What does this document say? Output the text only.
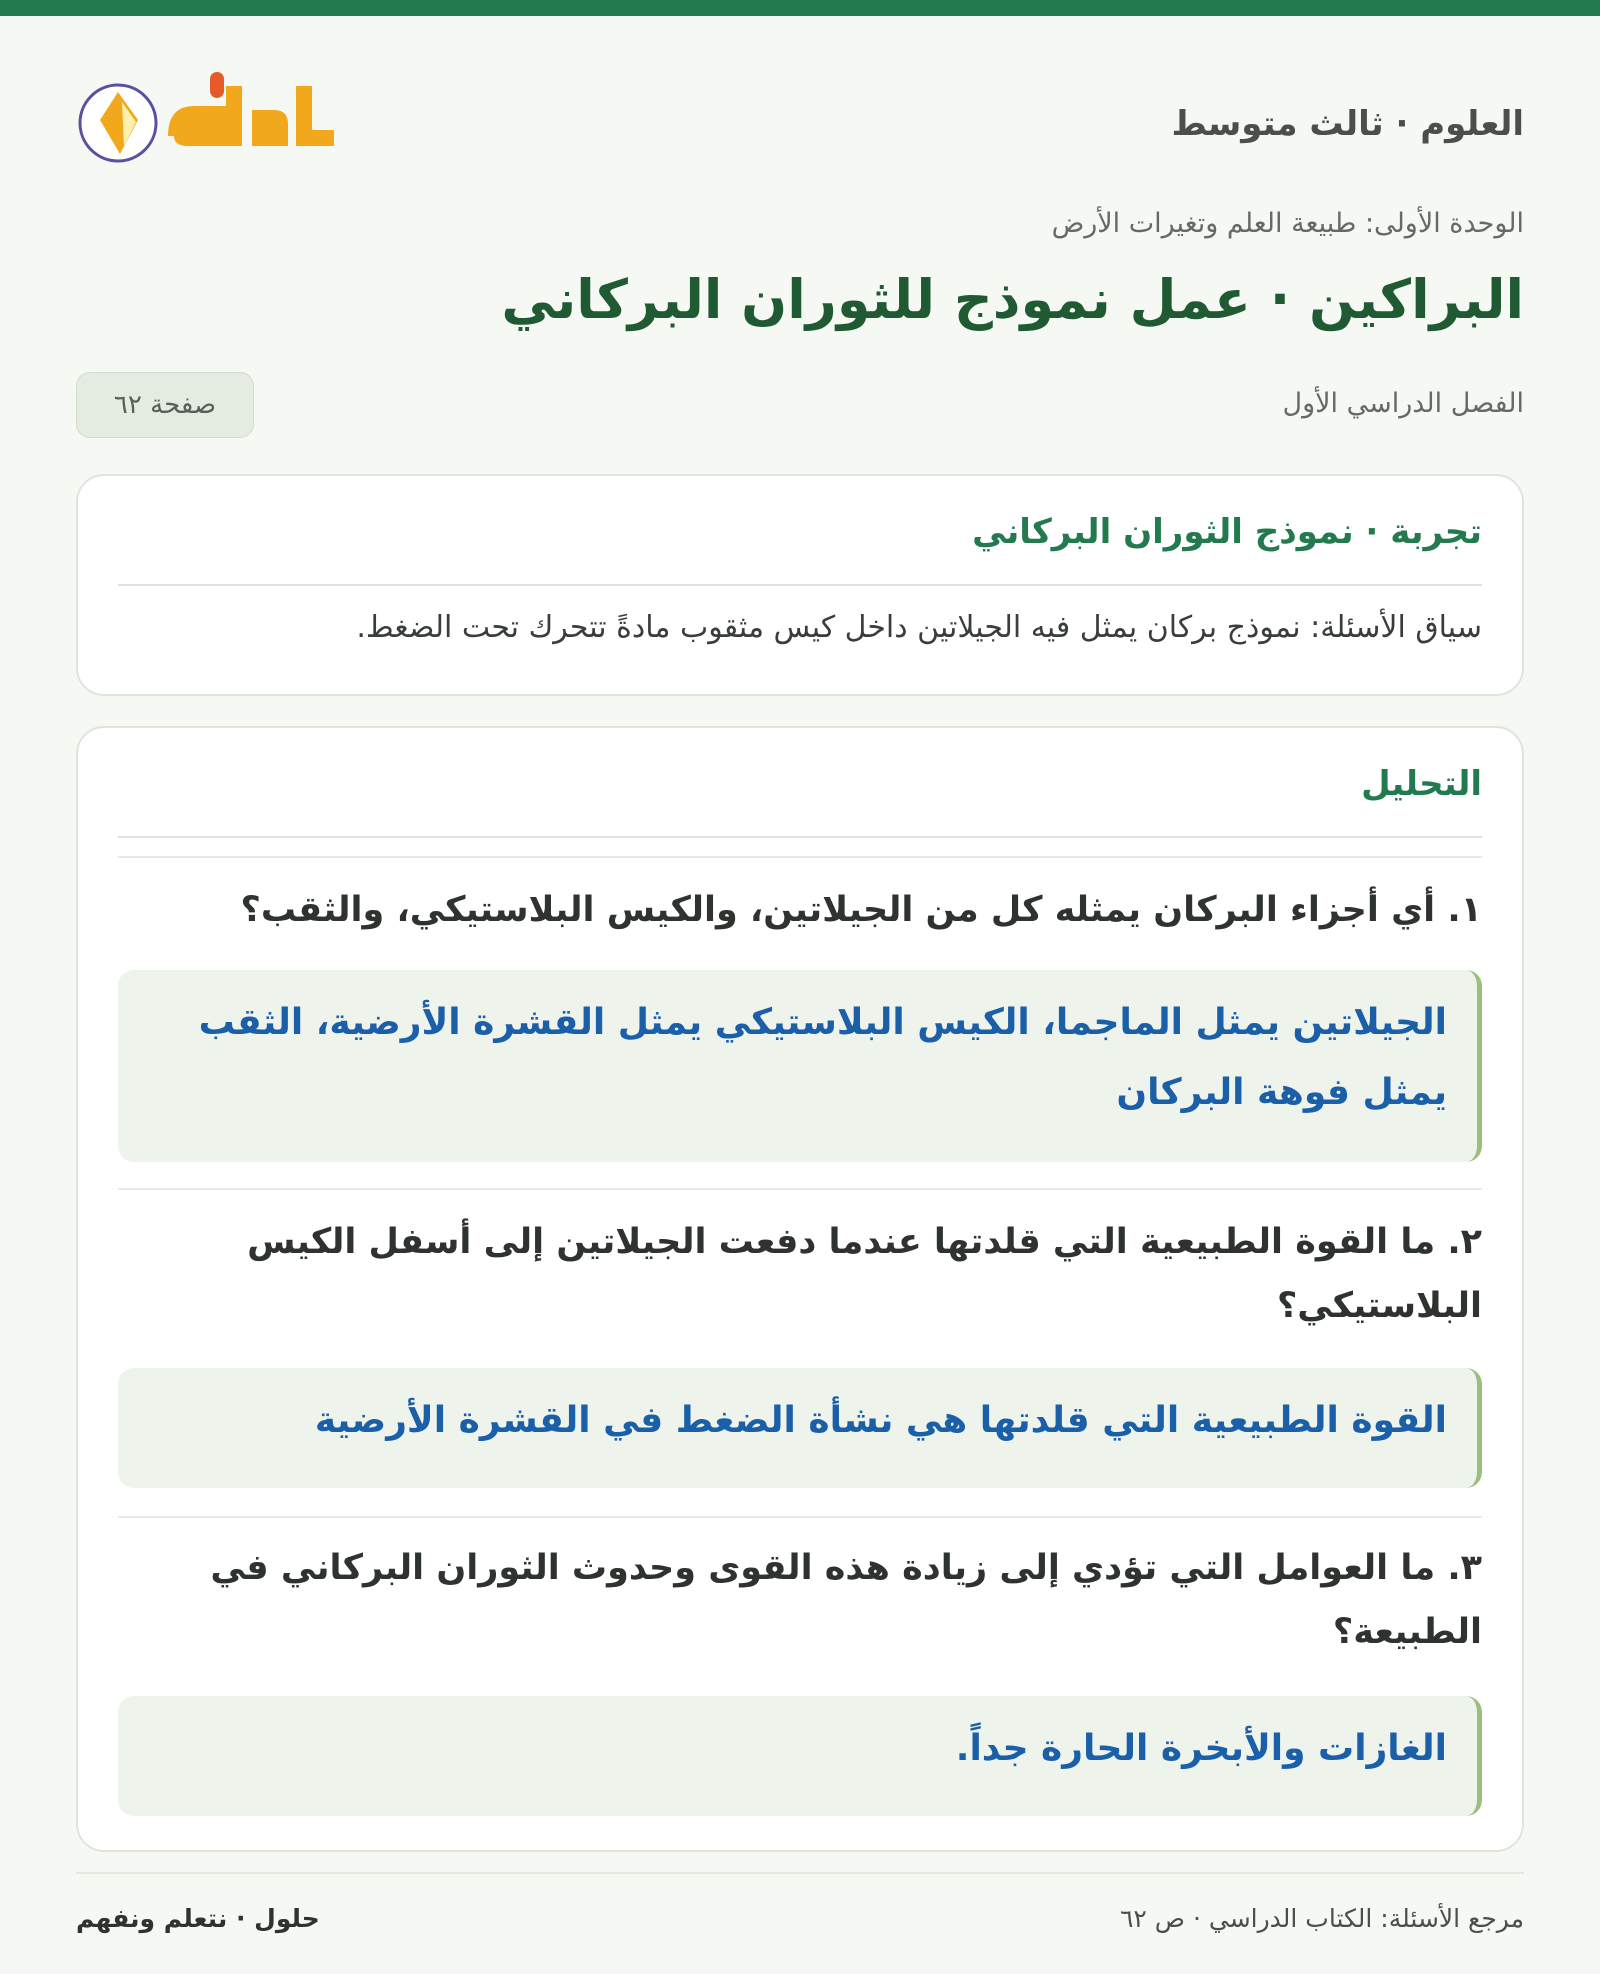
العلوم · ثالث متوسط
الوحدة الأولى: طبيعة العلم وتغيرات الأرض
البراكين · عمل نموذج للثوران البركاني
الفصل الدراسي الأول
صفحة ٦٢
تجربة · نموذج الثوران البركاني
سياق الأسئلة: نموذج بركان يمثل فيه الجيلاتين داخل كيس مثقوب مادةً تتحرك تحت الضغط.
التحليل
١. أي أجزاء البركان يمثله كل من الجيلاتين، والكيس البلاستيكي، والثقب؟
الجيلاتين يمثل الماجما، الكيس البلاستيكي يمثل القشرة الأرضية، الثقب يمثل فوهة البركان
٢. ما القوة الطبيعية التي قلدتها عندما دفعت الجيلاتين إلى أسفل الكيس البلاستيكي؟
القوة الطبيعية التي قلدتها هي نشأة الضغط في القشرة الأرضية
٣. ما العوامل التي تؤدي إلى زيادة هذه القوى وحدوث الثوران البركاني في الطبيعة؟
الغازات والأبخرة الحارة جداً.
مرجع الأسئلة: الكتاب الدراسي · ص ٦٢
حلول · نتعلم ونفهم
